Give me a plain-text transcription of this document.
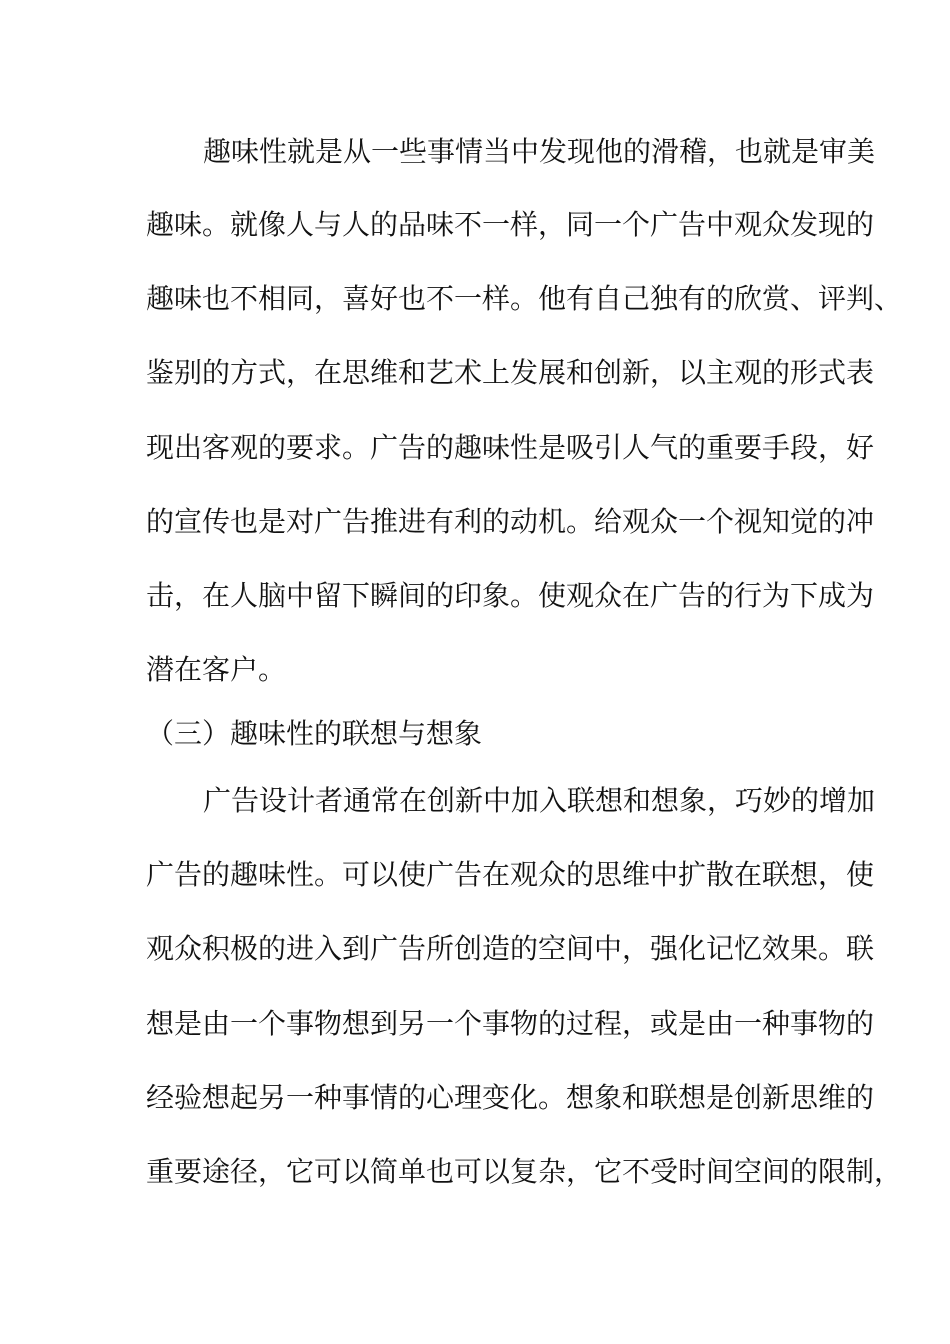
趣味性就是从一些事情当中发现他的滑稽，也就是审美
趣味。就像人与人的品味不一样，同一个广告中观众发现的
趣味也不相同，喜好也不一样。他有自己独有的欣赏、评判、
鉴别的方式，在思维和艺术上发展和创新，以主观的形式表
现出客观的要求。广告的趣味性是吸引人气的重要手段，好
的宣传也是对广告推进有利的动机。给观众一个视知觉的冲
击，在人脑中留下瞬间的印象。使观众在广告的行为下成为
潜在客户。
（三）趣味性的联想与想象
广告设计者通常在创新中加入联想和想象，巧妙的增加
广告的趣味性。可以使广告在观众的思维中扩散在联想，使
观众积极的进入到广告所创造的空间中，强化记忆效果。联
想是由一个事物想到另一个事物的过程，或是由一种事物的
经验想起另一种事情的心理变化。想象和联想是创新思维的
重要途径，它可以简单也可以复杂，它不受时间空间的限制，
